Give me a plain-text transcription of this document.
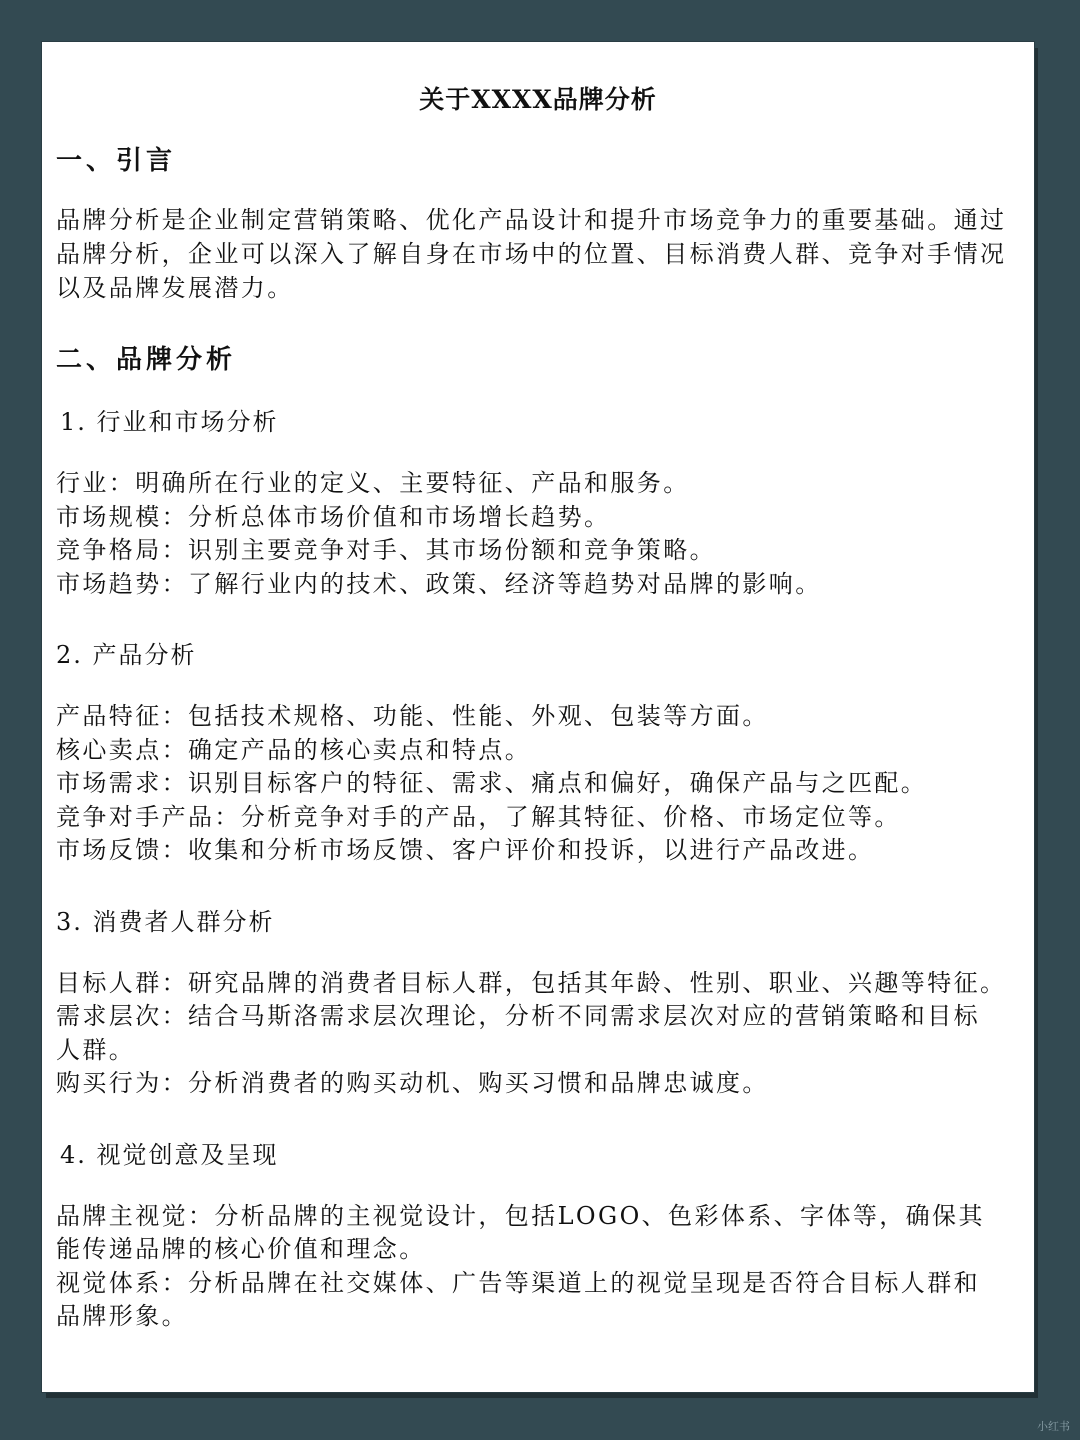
关于XXXX品牌分析
一、引言
品牌分析是企业制定营销策略、优化产品设计和提升市场竞争力的重要基础。通过品牌分析，企业可以深入了解自身在市场中的位置、目标消费人群、竞争对手情况以及品牌发展潜力。
二、品牌分析
1. 行业和市场分析
行业：明确所在行业的定义、主要特征、产品和服务。
市场规模：分析总体市场价值和市场增长趋势。
竞争格局：识别主要竞争对手、其市场份额和竞争策略。
市场趋势：了解行业内的技术、政策、经济等趋势对品牌的影响。
2. 产品分析
产品特征：包括技术规格、功能、性能、外观、包装等方面。
核心卖点：确定产品的核心卖点和特点。
市场需求：识别目标客户的特征、需求、痛点和偏好，确保产品与之匹配。
竞争对手产品：分析竞争对手的产品，了解其特征、价格、市场定位等。
市场反馈：收集和分析市场反馈、客户评价和投诉，以进行产品改进。
3. 消费者人群分析
目标人群：研究品牌的消费者目标人群，包括其年龄、性别、职业、兴趣等特征。
需求层次：结合马斯洛需求层次理论，分析不同需求层次对应的营销策略和目标
人群。
购买行为：分析消费者的购买动机、购买习惯和品牌忠诚度。
4. 视觉创意及呈现
品牌主视觉：分析品牌的主视觉设计，包括LOGO、色彩体系、字体等，确保其
能传递品牌的核心价值和理念。
视觉体系：分析品牌在社交媒体、广告等渠道上的视觉呈现是否符合目标人群和
品牌形象。
小红书
